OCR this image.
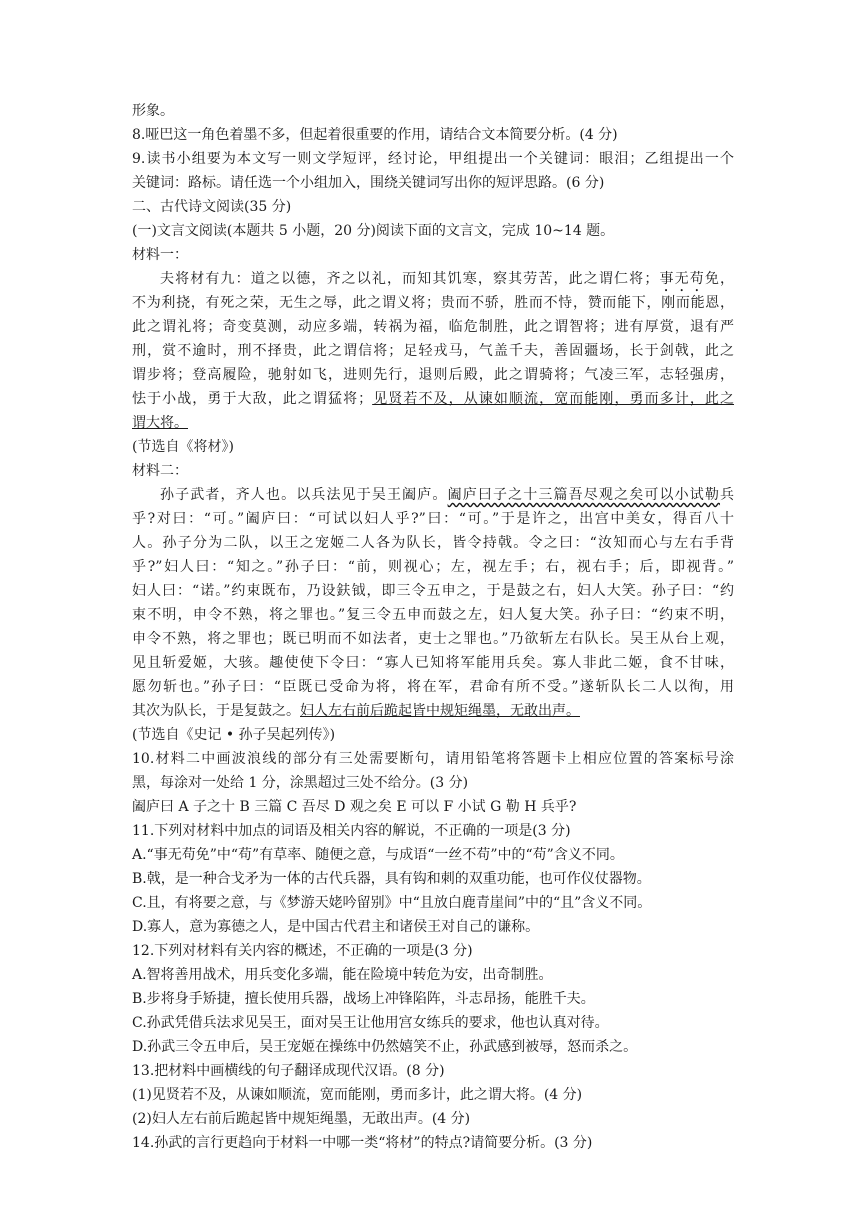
形象。
8.哑巴这一角色着墨不多，但起着很重要的作用，请结合文本简要分析。(4 分)
9.读书小组要为本文写一则文学短评，经讨论，甲组提出一个关键词：眼泪；乙组提出一个
关键词：路标。请任选一个小组加入，围绕关键词写出你的短评思路。(6 分)
二、古代诗文阅读(35 分)
(一)文言文阅读(本题共 5 小题，20 分)阅读下面的文言文，完成 10~14 题。
材料一：
夫将材有九：道之以德，齐之以礼，而知其饥寒，察其劳苦，此之谓仁将；事无苟免，
不为利挠，有死之荣，无生之辱，此之谓义将；贵而不骄，胜而不恃，赞而能下，刚而能恩，
此之谓礼将；奇变莫测，动应多端，转祸为福，临危制胜，此之谓智将；进有厚赏，退有严
刑，赏不逾时，刑不择贵，此之谓信将；足轻戎马，气盖千夫，善固疆场，长于剑戟，此之
谓步将；登高履险，驰射如飞，进则先行，退则后殿，此之谓骑将；气凌三军，志轻强虏，
怯于小战，勇于大敌，此之谓猛将；见贤若不及，从谏如顺流，宽而能刚，勇而多计，此之
谓大将。
(节选自《将材》)
材料二：
孙子武者，齐人也。以兵法见于吴王阖庐。阖庐曰子之十三篇吾尽观之矣可以小试勒兵
乎?对曰：“可。”阖庐曰：“可试以妇人乎?”曰：“可。”于是许之，出宫中美女，得百八十
人。孙子分为二队，以王之宠姬二人各为队长，皆令持戟。令之曰：“汝知而心与左右手背
乎?”妇人曰：“知之。”孙子曰：“前，则视心；左，视左手；右，视右手；后，即视背。”
妇人曰：“诺。”约束既布，乃设鈇钺，即三令五申之，于是鼓之右，妇人大笑。孙子曰：“约
束不明，申令不熟，将之罪也。”复三令五申而鼓之左，妇人复大笑。孙子曰：“约束不明，
申令不熟，将之罪也；既已明而不如法者，吏士之罪也。”乃欲斩左右队长。吴王从台上观，
见且斩爱姬，大骇。趣使使下令曰：“寡人已知将军能用兵矣。寡人非此二姬，食不甘味，
愿勿斩也。”孙子曰：“臣既已受命为将，将在军，君命有所不受。”遂斩队长二人以徇，用
其次为队长，于是复鼓之。妇人左右前后跪起皆中规矩绳墨，无敢出声。
(节选自《史记 • 孙子吴起列传》)
10.材料二中画波浪线的部分有三处需要断句，请用铅笔将答题卡上相应位置的答案标号涂
黑，每涂对一处给 1 分，涂黑超过三处不给分。(3 分)
阖庐曰 A 子之十 B 三篇 C 吾尽 D 观之矣 E 可以 F 小试 G 勒 H 兵乎?
11.下列对材料中加点的词语及相关内容的解说，不正确的一项是(3 分)
A.“事无苟免”中“苟”有草率、随便之意，与成语“一丝不苟”中的“苟”含义不同。
B.戟，是一种合戈矛为一体的古代兵器，具有钩和刺的双重功能，也可作仪仗器物。
C.且，有将要之意，与《梦游天姥吟留别》中“且放白鹿青崖间”中的“且”含义不同。
D.寡人，意为寡德之人，是中国古代君主和诸侯王对自己的谦称。
12.下列对材料有关内容的概述，不正确的一项是(3 分)
A.智将善用战术，用兵变化多端，能在险境中转危为安，出奇制胜。
B.步将身手矫捷，擅长使用兵器，战场上冲锋陷阵，斗志昂扬，能胜千夫。
C.孙武凭借兵法求见吴王，面对吴王让他用宫女练兵的要求，他也认真对待。
D.孙武三令五申后，吴王宠姬在操练中仍然嬉笑不止，孙武感到被辱，怒而杀之。
13.把材料中画横线的句子翻译成现代汉语。(8 分)
(1)见贤若不及，从谏如顺流，宽而能刚，勇而多计，此之谓大将。(4 分)
(2)妇人左右前后跪起皆中规矩绳墨，无敢出声。(4 分)
14.孙武的言行更趋向于材料一中哪一类“将材”的特点?请简要分析。(3 分)
